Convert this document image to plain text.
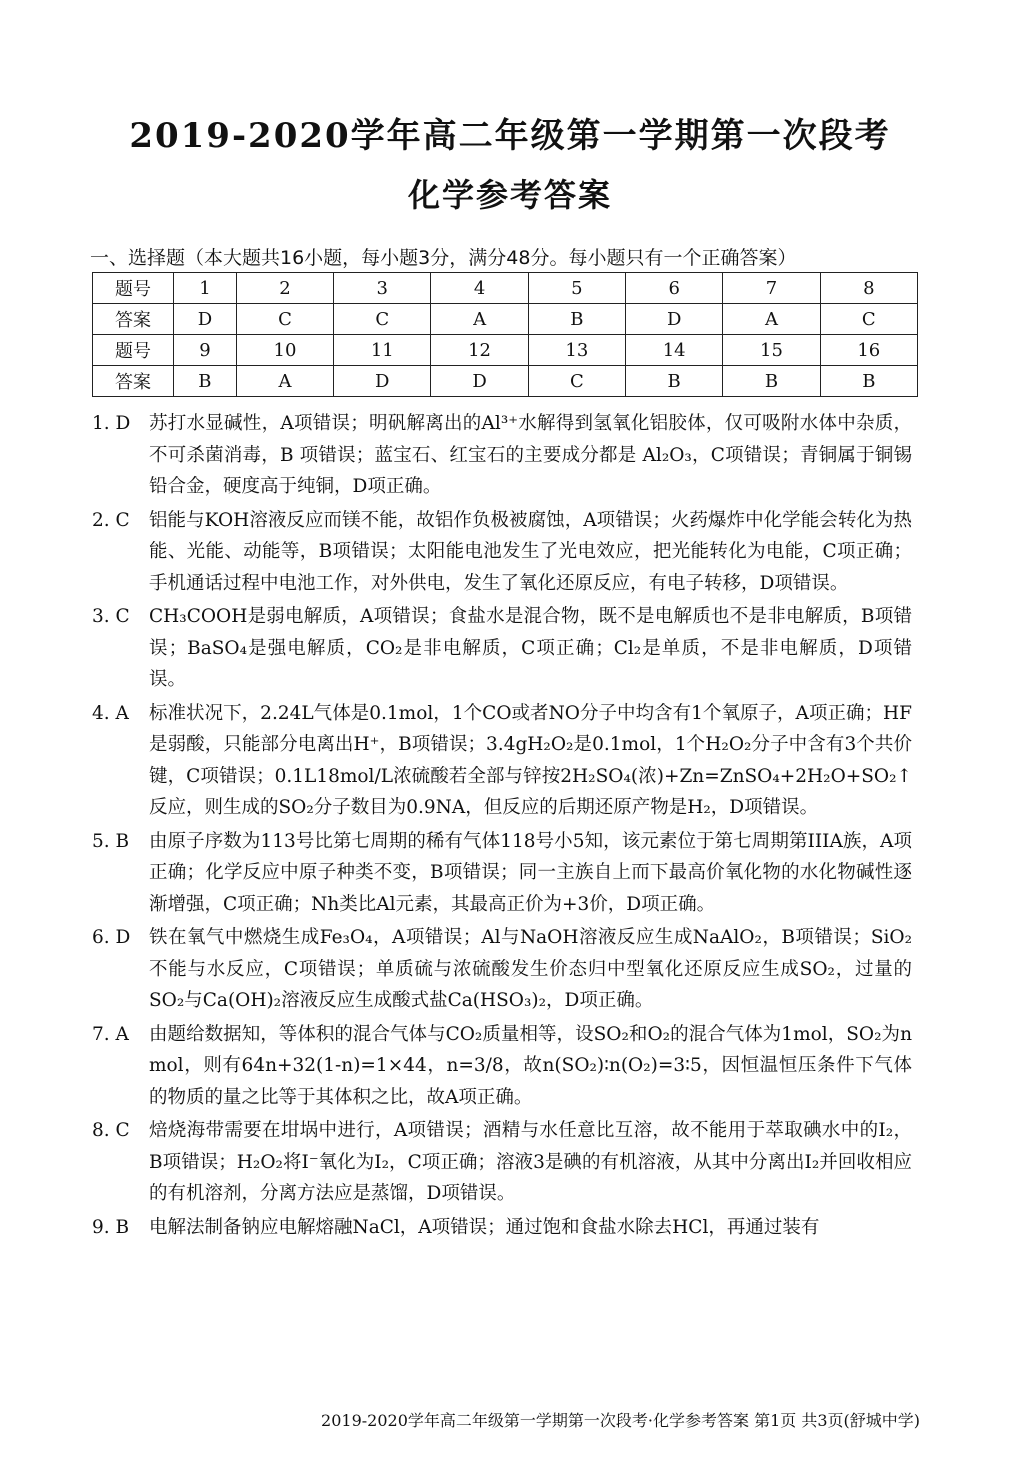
2019-2020学年高二年级第一学期第一次段考
化学参考答案
一、选择题（本大题共16小题，每小题3分，满分48分。每小题只有一个正确答案）
题号	1	2	3	4	5	6	7	8
答案	D	C	C	A	B	D	A	C
题号	9	10	11	12	13	14	15	16
答案	B	A	D	D	C	B	B	B
1. D	苏打水显碱性，A项错误；明矾解离出的Al³⁺水解得到氢氧化铝胶体，仅可吸附水体中杂质，不可杀菌消毒，B 项错误；蓝宝石、红宝石的主要成分都是 Al₂O₃，C项错误；青铜属于铜锡铅合金，硬度高于纯铜，D项正确。
2. C	铝能与KOH溶液反应而镁不能，故铝作负极被腐蚀，A项错误；火药爆炸中化学能会转化为热能、光能、动能等，B项错误；太阳能电池发生了光电效应，把光能转化为电能，C项正确；手机通话过程中电池工作，对外供电，发生了氧化还原反应，有电子转移，D项错误。
3. C	CH₃COOH是弱电解质，A项错误；食盐水是混合物，既不是电解质也不是非电解质，B项错误；BaSO₄是强电解质，CO₂是非电解质，C项正确；Cl₂是单质，不是非电解质，D项错误。
4. A	标准状况下，2.24L气体是0.1mol，1个CO或者NO分子中均含有1个氧原子，A项正确；HF是弱酸，只能部分电离出H⁺，B项错误；3.4gH₂O₂是0.1mol，1个H₂O₂分子中含有3个共价键，C项错误；0.1L18mol/L浓硫酸若全部与锌按2H₂SO₄(浓)+Zn=ZnSO₄+2H₂O+SO₂↑反应，则生成的SO₂分子数目为0.9NA，但反应的后期还原产物是H₂，D项错误。
5. B	由原子序数为113号比第七周期的稀有气体118号小5知，该元素位于第七周期第IIIA族，A项正确；化学反应中原子种类不变，B项错误；同一主族自上而下最高价氧化物的水化物碱性逐渐增强，C项正确；Nh类比Al元素，其最高正价为+3价，D项正确。
6. D	铁在氧气中燃烧生成Fe₃O₄，A项错误；Al与NaOH溶液反应生成NaAlO₂，B项错误；SiO₂不能与水反应，C项错误；单质硫与浓硫酸发生价态归中型氧化还原反应生成SO₂，过量的SO₂与Ca(OH)₂溶液反应生成酸式盐Ca(HSO₃)₂，D项正确。
7. A	由题给数据知，等体积的混合气体与CO₂质量相等，设SO₂和O₂的混合气体为1mol，SO₂为n mol，则有64n+32(1-n)=1×44，n=3/8，故n(SO₂)∶n(O₂)=3∶5，因恒温恒压条件下气体的物质的量之比等于其体积之比，故A项正确。
8. C	焙烧海带需要在坩埚中进行，A项错误；酒精与水任意比互溶，故不能用于萃取碘水中的I₂，B项错误；H₂O₂将I⁻氧化为I₂，C项正确；溶液3是碘的有机溶液，从其中分离出I₂并回收相应的有机溶剂，分离方法应是蒸馏，D项错误。
9. B	电解法制备钠应电解熔融NaCl，A项错误；通过饱和食盐水除去HCl，再通过装有
2019-2020学年高二年级第一学期第一次段考·化学参考答案 第1页 共3页(舒城中学)
